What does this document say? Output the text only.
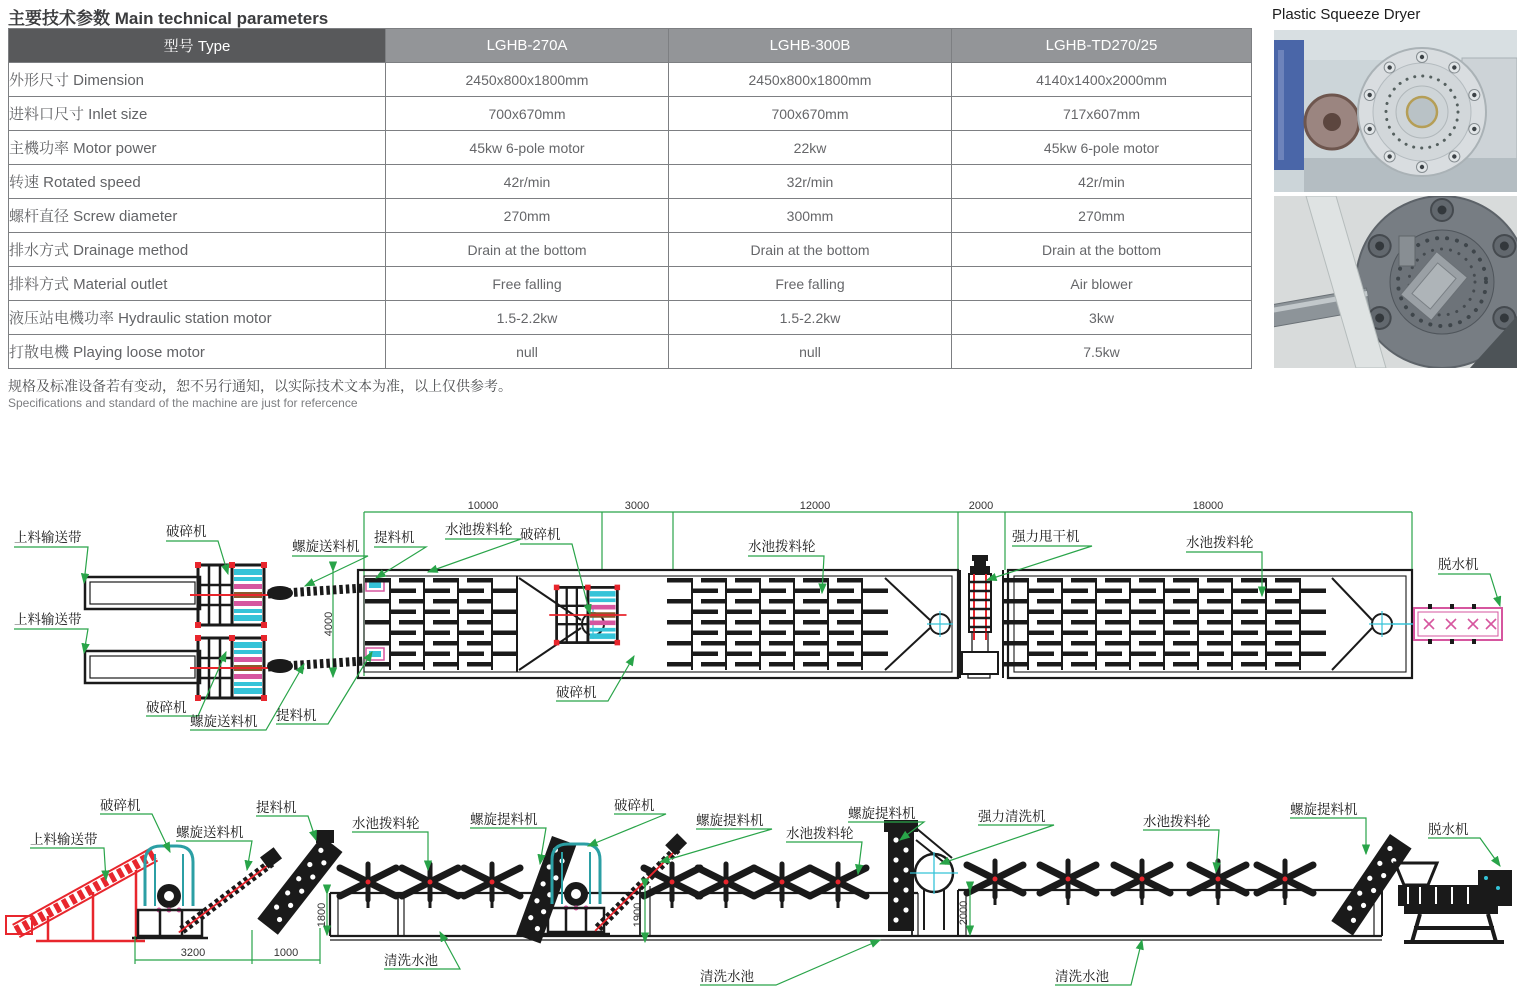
主要技术参数 Main technical parameters
型号 Type	LGHB-270A	LGHB-300B	LGHB-TD270/25
外形尺寸 Dimension	2450x800x1800mm	2450x800x1800mm	4140x1400x2000mm
进料口尺寸 Inlet size	700x670mm	700x670mm	717x607mm
主機功率 Motor power	45kw 6-pole motor	22kw	45kw 6-pole motor
转速 Rotated speed	42r/min	32r/min	42r/min
螺杆直径 Screw diameter	270mm	300mm	270mm
排水方式 Drainage method	Drain at the bottom	Drain at the bottom	Drain at the bottom
排料方式 Material outlet	Free falling	Free falling	Air blower
液压站电機功率 Hydraulic station motor	1.5-2.2kw	1.5-2.2kw	3kw
打散电機 Playing loose motor	null	null	7.5kw
规格及标准设备若有变动，恕不另行通知，以实际技术文本为准，以上仅供参考。
Specifications and standard of the machine are just for refercence
Plastic Squeeze Dryer
10000	3000	12000	2000	18000
4000
上料输送带	破碎机
螺旋送料机
提料机
水池拨料轮 破碎机
水池拨料轮
强力甩干机	水池拨料轮
脱水机
上料输送带
破碎机
螺旋送料机 提料机
破碎机
3200	1000
1800	1900	2000
上料输送带
破碎机
螺旋送料机
提料机
水池拨料轮	螺旋提料机
破碎机
螺旋提料机
水池拨料轮
螺旋提料机	强力清洗机	水池拨料轮
螺旋提料机
脱水机
清洗水池
清洗水池	清洗水池
